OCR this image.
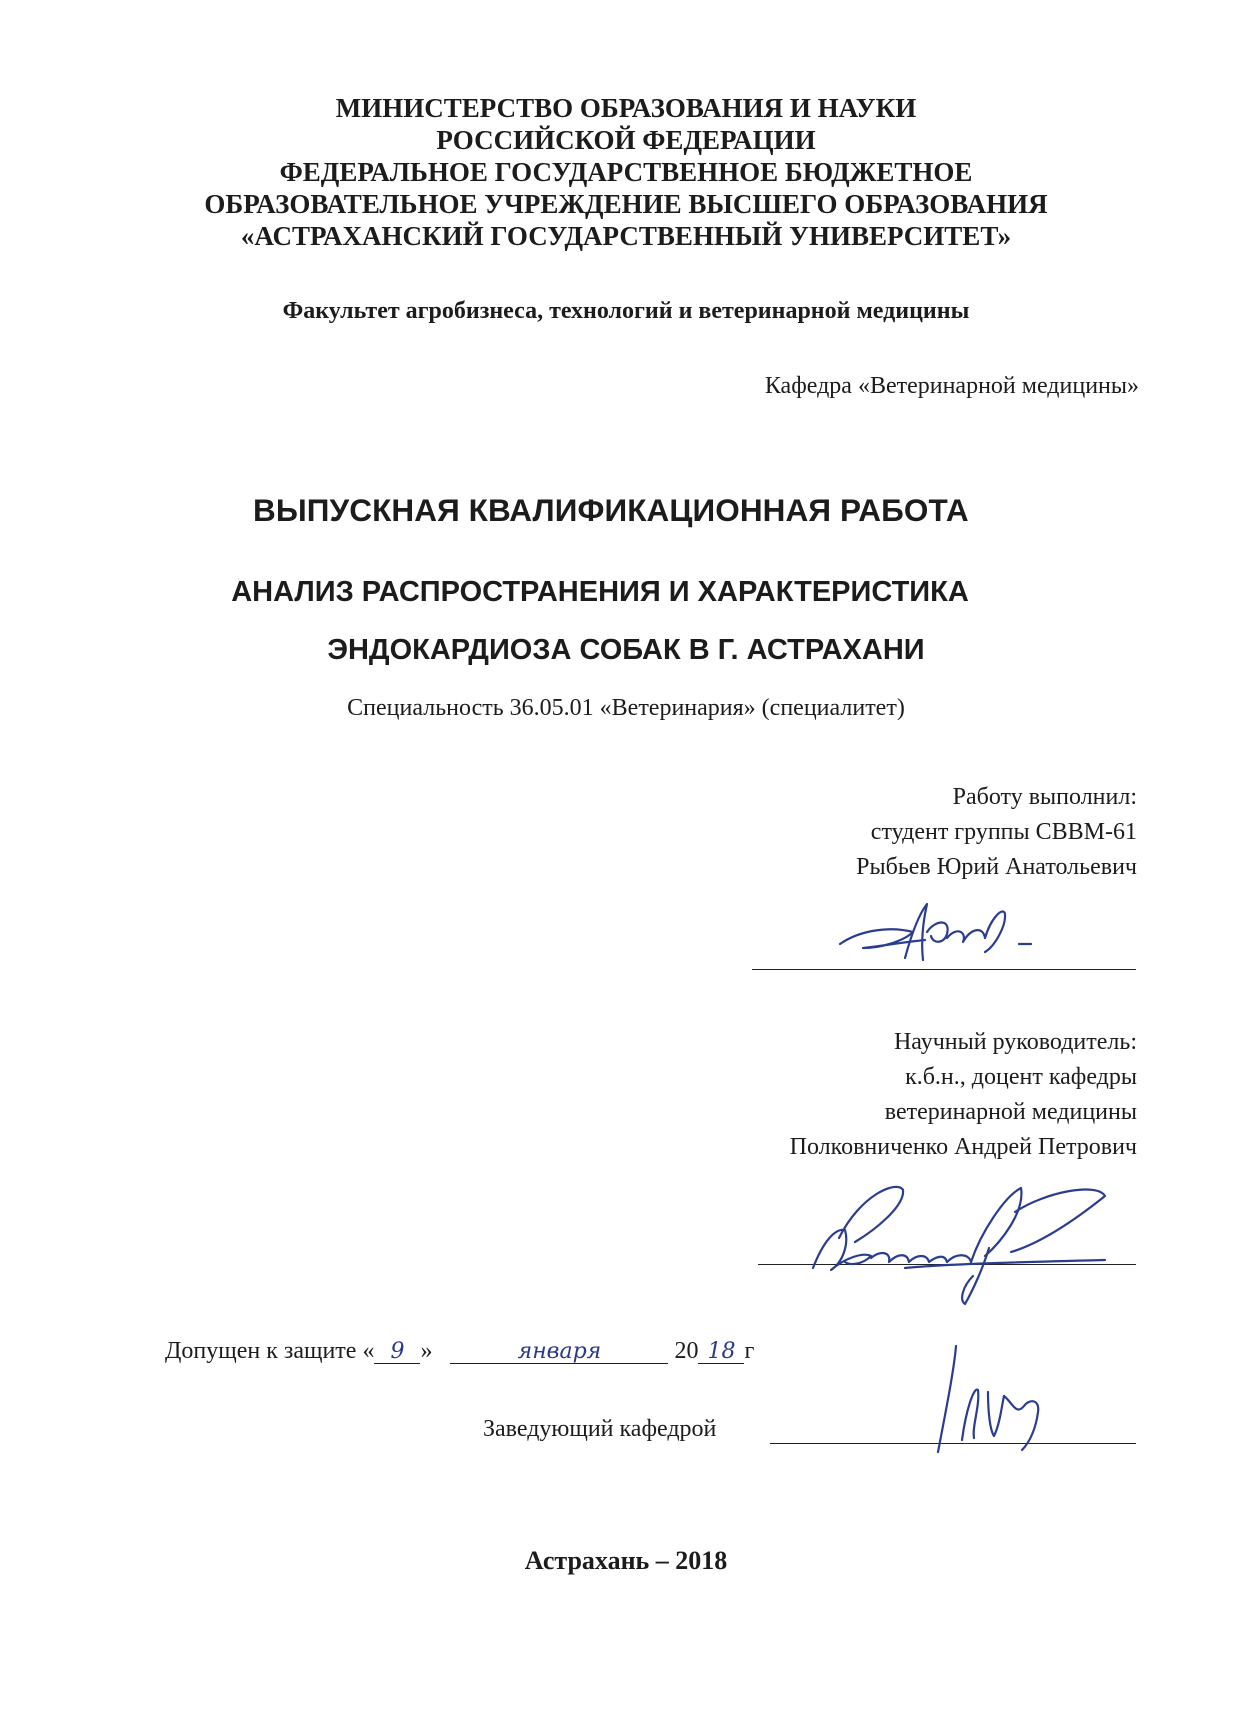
МИНИСТЕРСТВО ОБРАЗОВАНИЯ И НАУКИ
РОССИЙСКОЙ ФЕДЕРАЦИИ
ФЕДЕРАЛЬНОЕ ГОСУДАРСТВЕННОЕ БЮДЖЕТНОЕ
ОБРАЗОВАТЕЛЬНОЕ УЧРЕЖДЕНИЕ ВЫСШЕГО ОБРАЗОВАНИЯ
«АСТРАХАНСКИЙ ГОСУДАРСТВЕННЫЙ УНИВЕРСИТЕТ»
Факультет агробизнеса, технологий и ветеринарной медицины
Кафедра «Ветеринарной медицины»
ВЫПУСКНАЯ КВАЛИФИКАЦИОННАЯ РАБОТА
АНАЛИЗ РАСПРОСТРАНЕНИЯ И ХАРАКТЕРИСТИКА
ЭНДОКАРДИОЗА СОБАК В Г. АСТРАХАНИ
Специальность 36.05.01 «Ветеринария» (специалитет)
Работу выполнил:
студент группы СВВМ-61
Рыбьев Юрий Анатольевич
Научный руководитель:
к.б.н., доцент кафедры
ветеринарной медицины
Полковниченко Андрей Петрович
Допущен к защите « 9 »	января	20 18 г
Заведующий кафедрой
Астрахань – 2018
